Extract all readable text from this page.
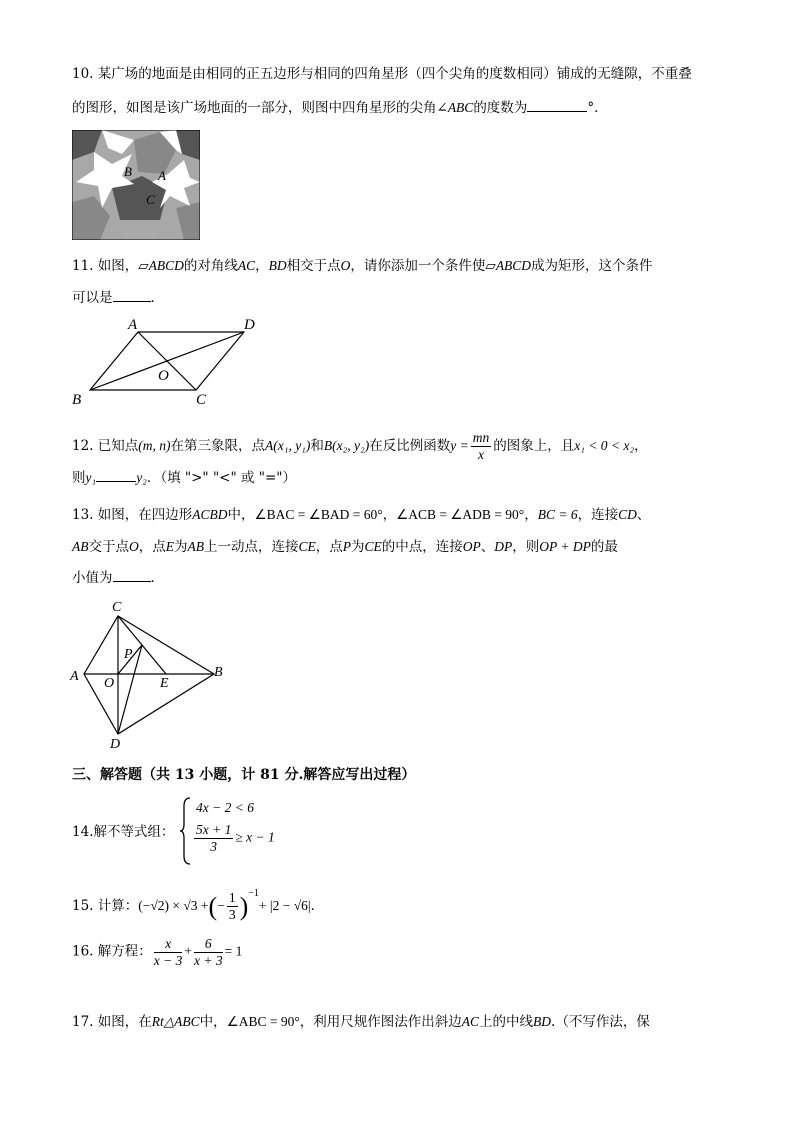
10. 某广场的地面是由相同的正五边形与相同的四角星形（四个尖角的度数相同）铺成的无缝隙，不重叠
的图形，如图是该广场地面的一部分，则图中四角星形的尖角∠ABC的度数为	°．
B A
C
11. 如图，▱ABCD的对角线AC，BD相交于点O，请你添加一个条件使▱ABCD成为矩形，这个条件
可以是	．
A	D
O
B	C
12. 已知点(m, n)在第三象限，点A(x₁, y₁)和B(x₂, y₂)在反比例函数$y = \frac{mn}{x}$ 的图象上，且x₁ < 0 < x₂，
则y₁	y₂．（填 ">" "<" 或 "="）
13. 如图，在四边形ACBD中，∠BAC = ∠BAD = 60°，∠ACB = ∠ADB = 90°，BC = 6，连接CD、
AB交于点O，点E为AB上一动点，连接CE，点P为CE的中点，连接OP、DP，则OP + DP的最
小值为	．
C
P
A O	E
B
D
三、解答题（共 13 小题，计 81 分.解答应写出过程）
14.解不等式组：
4x − 2 < 6
$\frac{5x + 1}{3} \ge x - 1$
15. 计算：(−√2) × √3 +(− $\frac{1}{3} )^{-1}+ |2 - √6|$．
16. 解方程： $\frac{x}{x - 3} + \frac{6}{x + 3} = 1$
17. 如图，在Rt△ABC中，∠ABC = 90°，利用尺规作图法作出斜边AC上的中线BD.（不写作法，保
